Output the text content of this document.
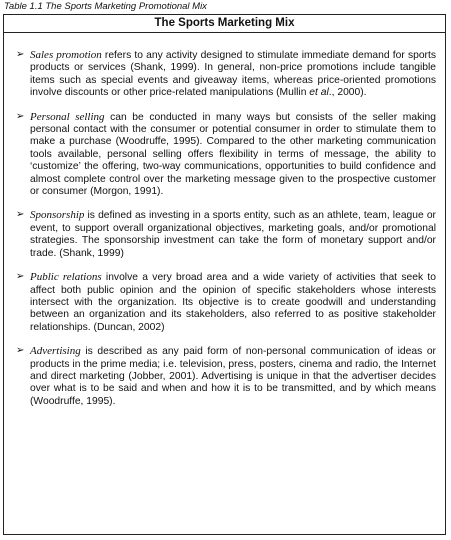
Table 1.1 The Sports Marketing Promotional Mix
The Sports Marketing Mix
➢ Sales promotion refers to any activity designed to stimulate immediate demand for sports products or services (Shank, 1999). In general, non-price promotions include tangible items such as special events and giveaway items, whereas price-oriented promotions involve discounts or other price-related manipulations (Mullin et al., 2000).
➢ Personal selling can be conducted in many ways but consists of the seller making personal contact with the consumer or potential consumer in order to stimulate them to make a purchase (Woodruffe, 1995). Compared to the other marketing communication tools available, personal selling offers flexibility in terms of message, the ability to ‘customize’ the offering, two-way communications, opportunities to build confidence and almost complete control over the marketing message given to the prospective customer or consumer (Morgon, 1991).
➢ Sponsorship is defined as investing in a sports entity, such as an athlete, team, league or event, to support overall organizational objectives, marketing goals, and/or promotional strategies. The sponsorship investment can take the form of monetary support and/or trade. (Shank, 1999)
➢ Public relations involve a very broad area and a wide variety of activities that seek to affect both public opinion and the opinion of specific stakeholders whose interests intersect with the organization. Its objective is to create goodwill and understanding between an organization and its stakeholders, also referred to as positive stakeholder relationships. (Duncan, 2002)
➢ Advertising is described as any paid form of non-personal communication of ideas or products in the prime media; i.e. television, press, posters, cinema and radio, the Internet and direct marketing (Jobber, 2001). Advertising is unique in that the advertiser decides over what is to be said and when and how it is to be transmitted, and by which means (Woodruffe, 1995).
